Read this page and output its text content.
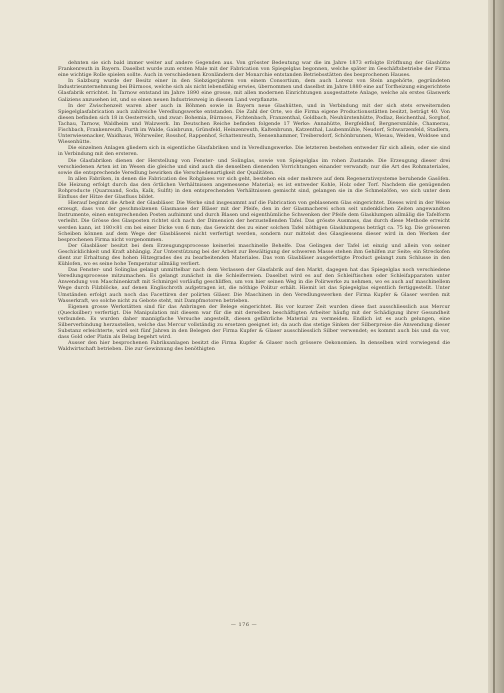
dehnten sie sich bald immer weiter auf andere Gegenden aus. Von grösster Bedeutung war die im Jahre 1873 erfolgte Eröffnung der Glashütte Frankenreuth in Bayern. Daselbst wurde zum ersten Male mit der Fabrication von Spiegelglas begonnen, welche später im Geschäftsbetriebe der Firma eine wichtige Rolle spielen sollte. Auch in verschiedenen Kronländern der Monarchie entstanden Betriebsstätten des besprochenen Hauses.

In Salzburg wurde der Besitz einer in den Siebzigerjahren von einem Consortium, dem auch Lorenz von Stein angehörte, gegründeten Industrieunternehmung bei Bürmoos, welche sich als nicht lebensfähig erwies, übernommen und daselbst im Jahre 1880 eine auf Torfheizung eingerichtete Glasfabrik errichtet. In Tarnow entstand im Jahre 1890 eine grosse, mit allen modernen Einrichtungen ausgestattete Anlage, welche als erstes Glaswerk Galiziens anzusehen ist, und so einen neuen Industriezweig in diesem Land verpflanzte.

In der Zwischenzeit waren aber auch in Böhmen sowie in Bayern neue Glashütten, und in Verbindung mit der sich stets erweiternden Spiegelglasfabrication auch zahlreiche Veredlungswerke entstanden. Die Zahl der Orte, wo die Firma eigene Productionsstätten besitzt, beträgt 40. Von diesen befinden sich 18 in Oesterreich, und zwar: Bohemia, Bürmoos, Fichtenbach, Franzenthal, Goldbach, Neuhürstenhütte, Podlaz, Reichenthal, Sorghof, Tachau, Tarnow, Waldheim und Walzwerk. Im Deutschen Reiche befinden folgende 17 Werke: Annahütte, Bergfeldhof, Bergnersmühle, Chamerau, Fischbach, Frankenreuth, Furth im Walde, Gaisbrunn, Grünsfeld, Heinzenreuth, Kaltenbrunn, Katzenthal, Laubenmühle, Neudorf, Schwarzenfeld, Stadlern, Unterwiesenacker, Waidhaus, Wöhrweiler, Rosshof, Rappenhof, Schattenreuth, Sensenhammer, Treibersdorf, Schönbrunnen, Wiesau, Weiden, Woldsee und Wiesenhütte.

Die einzelnen Anlagen gliedern sich in eigentliche Glasfabriken und in Veredlungswerke. Die letzteren bestehen entweder für sich allein, oder sie sind in Verbindung mit den ersteren.

Die Glasfabriken dienen der Herstellung von Fenster- und Solinglas, sowie von Spiegelglas im rohen Zustande. Die Erzeugung dieser drei verschiedenen Arten ist im Wesen die gleiche und sind auch die denselben dienenden Vorrichtungen einander verwandt; nur die Art des Rohmateriales, sowie die entsprechende Veredlung bewirken die Verschiedenartigkeit der Qualitäten.

In allen Fabriken, in denen die Fabrication des Rohglases vor sich geht, bestehen ein oder mehrere auf dem Regenerativsysteme beruhende Gasöfen. Die Heizung erfolgt durch das den örtlichen Verhältnissen angemessene Material; es ist entweder Kohle, Holz oder Torf. Nachdem die genügenden Rohproducte (Quarzsand, Soda, Kalk, Sulfit) in den entsprechenden Verhältnissen gemischt sind, gelangen sie in die Schmelzöfen, wo sich unter dem Einfluss der Hitze der Glasfluss bildet.

Hierauf beginnt die Arbeit der Glasbläser. Die Werke sind insgesammt auf die Fabrication von geblasenem Glas eingerichtet. Dieses wird in der Weise erzeugt, dass von der geschmolzenen Glasmasse der Bläser mit der Pfeife, den in der Glasmacherei schon seit undenklichen Zeiten angewandten Instrumente, einen entsprechenden Posten aufnimmt und durch Blasen und eigenthümliche Schwenken der Pfeife dem Glasklumpen allmälig die Tafelform verleiht. Die Grösse des Glasposten richtet sich nach der Dimension der herzustellenden Tafel. Das grösste Ausmass, das durch diese Methode erreicht werden kann, ist 180×81 cm bei einer Dicke von 6 mm; das Gewicht des zu einer solchen Tafel nöthigen Glasklumpens beträgt ca. 75 kg. Die grösseren Scheiben können auf dem Wege der Glasbläserei nicht verfertigt werden, sondern nur mittelst des Glasgiessens dieser wird in den Werken der besprochenen Firma nicht vorgenommen.

Der Glasbläser besitzt bei dem Erzeugungsprocesse keinerlei maschinelle Behelfe. Das Gelingen der Tafel ist einzig und allein von seiner Geschicklichkeit und Kraft abhängig. Zur Unterstützung bei der Arbeit zur Bewältigung der schweren Masse stehen ihm Gehilfen zur Seite; ein Streckofen dient zur Erhaltung des hohen Hitzegrades des zu bearbeitenden Materiales. Das vom Glasbläser ausgefertigte Product gelangt zum Schlusse in den Kühlofen, wo es seine hohe Temperatur allmälig verliert.

Das Fenster- und Solinglas gelangt unmittelbar nach dem Verlassen der Glasfabrik auf den Markt, dagegen hat das Spiegelglas noch verschiedene Veredlungsprocesse mitzumachen. Es gelangt zunächst in die Schleiferreien. Daselbst wird es auf den Schleiftischen oder Schleifapparaten unter Anwendung von Maschinenkraft mit Schmirgel vorläufig geschliffen, um von hier seinen Weg in die Polirwerke zu nehmen, wo es auch auf maschinellem Wege durch Filzblöcke, auf denen Englischroth aufgetragen ist, die nöthige Politur erhält. Hiemit ist das Spiegelglas eigentlich fertiggestellt. Unter Umständen erfolgt auch noch das Facettiren der polirten Gläser. Die Maschinen in den Veredlungswerken der Firma Kupfer & Glaser werden mit Wasserkraft, wo solche nicht zu Gebote steht, mit Dampfmotoren betrieben.

Eigenen grosse Werkstätten sind für das Anbringen der Belege eingerichtet. Bis vor kurzer Zeit wurden diese fast ausschliesslich aus Mercur (Quecksilber) verfertigt. Die Manipulation mit diesem war für die mit derselben beschäftigten Arbeiter häufig mit der Schädigung ihrer Gesundheit verbunden. Es wurden daher mannigfache Versuche angestellt, diesen gefährliche Material zu vermeiden. Endlich ist es auch gelungen, eine Silberverbindung herzustellen, welche das Mercur vollständig zu ersetzen geeignet ist; da auch das stetige Sinken der Silberpreise die Anwendung dieser Substanz erleichterte, wird seit fünf Jahren in den Belegen der Firma Kupfer & Glaser ausschliesslich Silber verwendet; es kommt auch bis und da vor, dass Gold oder Platin als Belag begehrt wird.

Ausser den hier besprochenen Fabriksanlagen besitzt die Firma Kupfer & Glaser noch grössere Oekonomien. In denselben wird vorwiegend die Waldwirtschaft betrieben. Die zur Gewinnung des benöthigten

— 176 —
